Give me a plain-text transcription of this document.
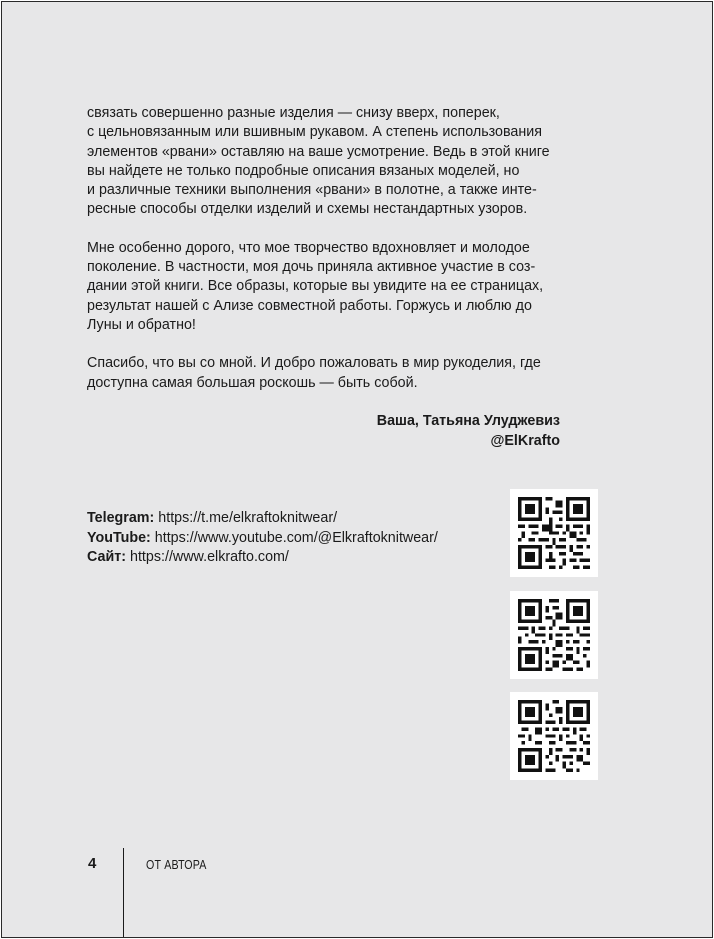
связать совершенно разные изделия — снизу вверх, поперек,
с цельновязанным или вшивным рукавом. А степень использования
элементов «рвани» оставляю на ваше усмотрение. Ведь в этой книге
вы найдете не только подробные описания вязаных моделей, но
и различные техники выполнения «рвани» в полотне, а также инте-
ресные способы отделки изделий и схемы нестандартных узоров.

Мне особенно дорого, что мое творчество вдохновляет и молодое
поколение. В частности, моя дочь приняла активное участие в соз-
дании этой книги. Все образы, которые вы увидите на ее страницах,
результат нашей с Ализе совместной работы. Горжусь и люблю до
Луны и обратно!

Спасибо, что вы со мной. И добро пожаловать в мир рукоделия, где
доступна самая большая роскошь — быть собой.

Ваша, Татьяна Улуджевиз
@ElKrafto
Telegram: https://t.me/elkraftoknitwear/
YouTube: https://www.youtube.com/@Elkraftoknitwear/
Сайт: https://www.elkrafto.com/
4	ОТ АВТОРА
